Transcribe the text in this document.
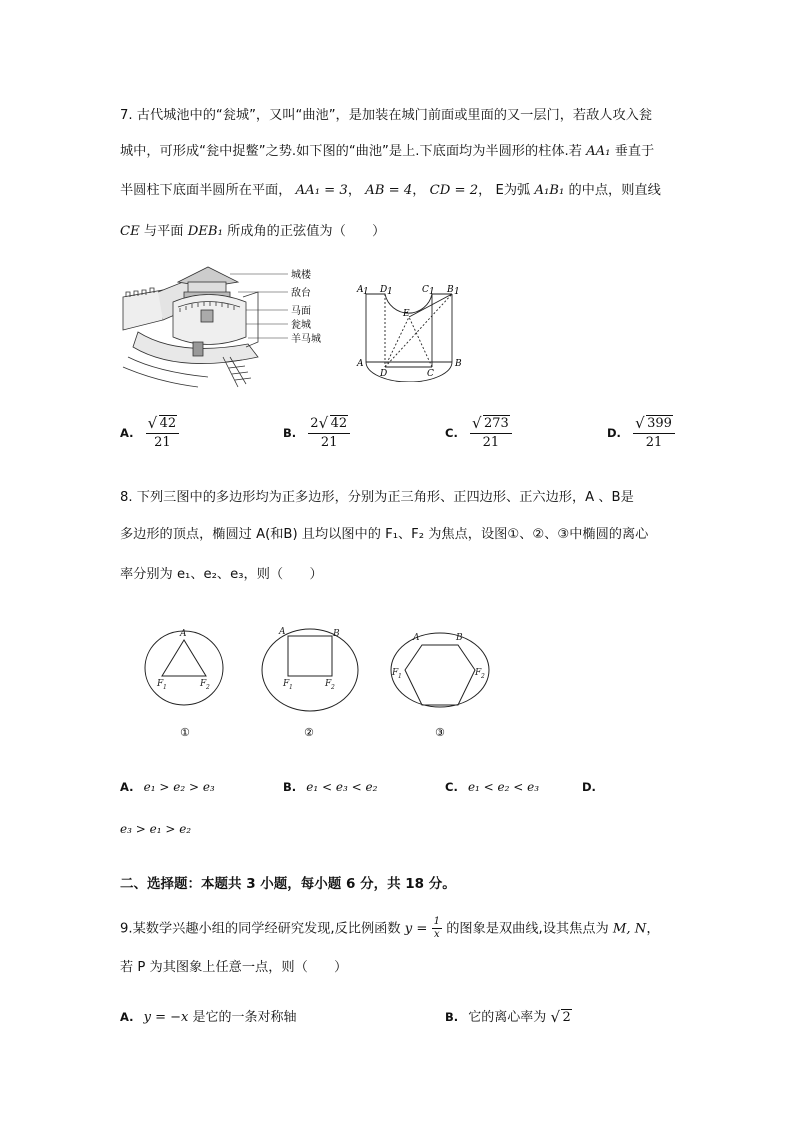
7. 古代城池中的“瓮城”，又叫“曲池”，是加装在城门前面或里面的又一层门，若敌人攻入瓮
城中，可形成“瓮中捉鳖”之势.如下图的“曲池”是上.下底面均为半圆形的柱体.若 AA₁ 垂直于
半圆柱下底面半圆所在平面， AA₁ = 3， AB = 4， CD = 2， E为弧 A₁B₁ 的中点，则直线
CE 与平面 DEB₁ 所成角的正弦值为（　　）
城楼
敌台
马面
瓮城
羊马城
A 1 D 1	C 1 B 1
E
A	B
D	C
A. $\frac{√ 42}{21}$	B. $\frac{2 √ 42}{21}$	C. $\frac{√ 273}{21}$	D. $\frac{√ 399}{21}$
8. 下列三图中的多边形均为正多边形，分别为正三角形、正四边形、正六边形，A 、B是
多边形的顶点，椭圆过 A(和B) 且均以图中的 F₁、F₂ 为焦点，设图①、②、③中椭圆的离心
率分别为 e₁、e₂、e₃，则（　　）
A
F 1	F 2
A	B
F 1	F 2
A	B
F 1	F 2
①	②	③
A. e₁ > e₂ > e₃	B. e₁ < e₃ < e₂	C. e₁ < e₂ < e₃	D.
e₃ > e₁ > e₂
二、选择题：本题共 3 小题，每小题 6 分，共 18 分。
9.某数学兴趣小组的同学经研究发现,反比例函数 $y = \frac{1}{x}$ 的图象是双曲线,设其焦点为 M, N，
若 P 为其图象上任意一点，则（　　）
A. y = −x 是它的一条对称轴	B. 它的离心率为 √ 2
